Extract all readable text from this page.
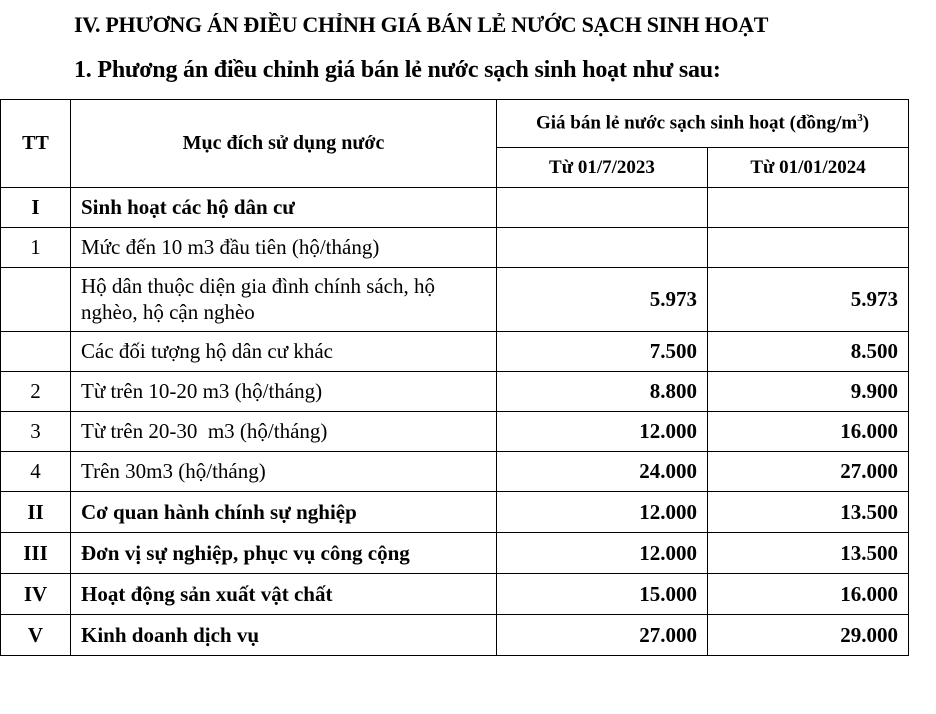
IV. PHƯƠNG ÁN ĐIỀU CHỈNH GIÁ BÁN LẺ NƯỚC SẠCH SINH HOẠT
1. Phương án điều chỉnh giá bán lẻ nước sạch sinh hoạt như sau:
TT	Mục đích sử dụng nước	Giá bán lẻ nước sạch sinh hoạt $(đồng/m^3)$	
		Từ 01/7/2023	Từ 01/01/2024
I	Sinh hoạt các hộ dân cư		
1	Mức đến 10 m3 đầu tiên (hộ/tháng)		
	Hộ dân thuộc diện gia đình chính sách, hộ nghèo, hộ cận nghèo	5.973	5.973
	Các đối tượng hộ dân cư khác	7.500	8.500
2	Từ trên 10-20 m3 (hộ/tháng)	8.800	9.900
3	Từ trên 20-30  m3 (hộ/tháng)	12.000	16.000
4	Trên 30m3 (hộ/tháng)	24.000	27.000
II	Cơ quan hành chính sự nghiệp	12.000	13.500
III	Đơn vị sự nghiệp, phục vụ công cộng	12.000	13.500
IV	Hoạt động sản xuất vật chất	15.000	16.000
V	Kinh doanh dịch vụ	27.000	29.000
